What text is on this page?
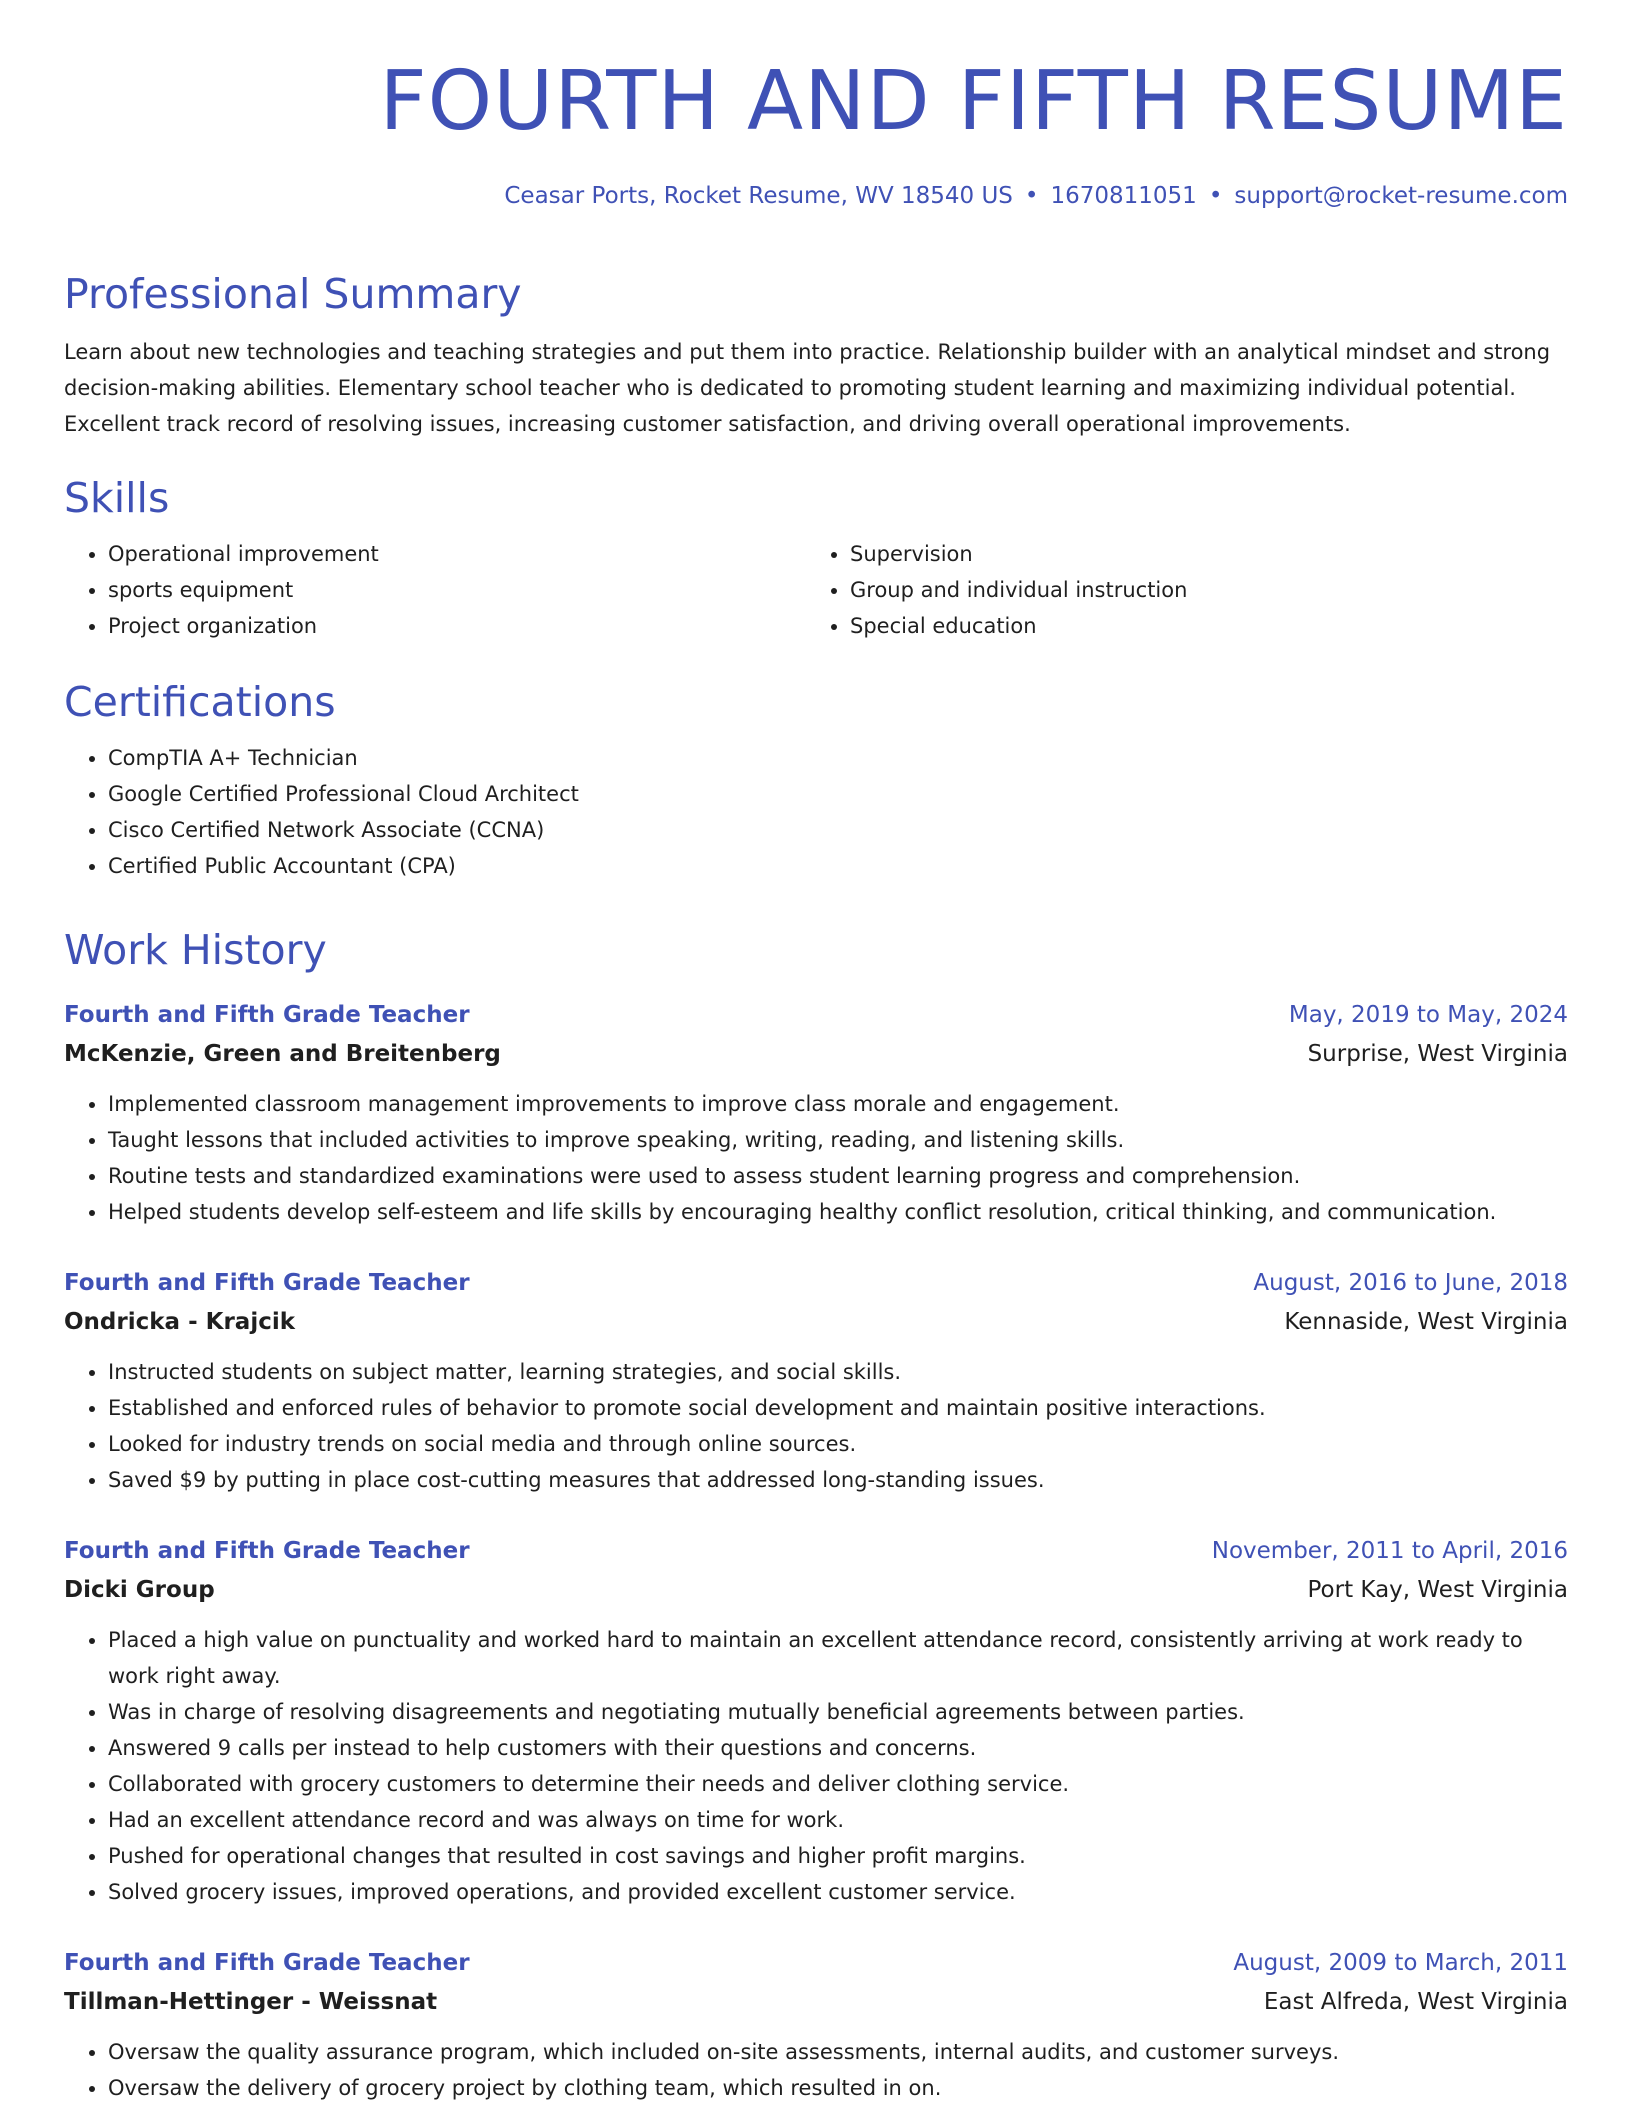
FOURTH AND FIFTH RESUME
Ceasar Ports, Rocket Resume, WV 18540 US • 1670811051 • support@rocket-resume.com
Professional Summary

Learn about new technologies and teaching strategies and put them into practice. Relationship builder with an analytical mindset and strong decision-making abilities. Elementary school teacher who is dedicated to promoting student learning and maximizing individual potential. Excellent track record of resolving issues, increasing customer satisfaction, and driving overall operational improvements.

Skills
• Operational improvement
• sports equipment
• Project organization
• Supervision
• Group and individual instruction
• Special education
Certifications
• CompTIA A+ Technician
• Google Certified Professional Cloud Architect
• Cisco Certified Network Associate (CCNA)
• Certified Public Accountant (CPA)
Work History
Fourth and Fifth Grade Teacher	May, 2019 to May, 2024
McKenzie, Green and Breitenberg	Surprise, West Virginia
• Implemented classroom management improvements to improve class morale and engagement.
• Taught lessons that included activities to improve speaking, writing, reading, and listening skills.
• Routine tests and standardized examinations were used to assess student learning progress and comprehension.
• Helped students develop self-esteem and life skills by encouraging healthy conflict resolution, critical thinking, and communication.
Fourth and Fifth Grade Teacher	August, 2016 to June, 2018
Ondricka - Krajcik	Kennaside, West Virginia
• Instructed students on subject matter, learning strategies, and social skills.
• Established and enforced rules of behavior to promote social development and maintain positive interactions.
• Looked for industry trends on social media and through online sources.
• Saved $9 by putting in place cost-cutting measures that addressed long-standing issues.
Fourth and Fifth Grade Teacher	November, 2011 to April, 2016
Dicki Group	Port Kay, West Virginia
• Placed a high value on punctuality and worked hard to maintain an excellent attendance record, consistently arriving at work ready to work right away.
• Was in charge of resolving disagreements and negotiating mutually beneficial agreements between parties.
• Answered 9 calls per instead to help customers with their questions and concerns.
• Collaborated with grocery customers to determine their needs and deliver clothing service.
• Had an excellent attendance record and was always on time for work.
• Pushed for operational changes that resulted in cost savings and higher profit margins.
• Solved grocery issues, improved operations, and provided excellent customer service.
Fourth and Fifth Grade Teacher	August, 2009 to March, 2011
Tillman-Hettinger - Weissnat	East Alfreda, West Virginia
• Oversaw the quality assurance program, which included on-site assessments, internal audits, and customer surveys.
• Oversaw the delivery of grocery project by clothing team, which resulted in on.
